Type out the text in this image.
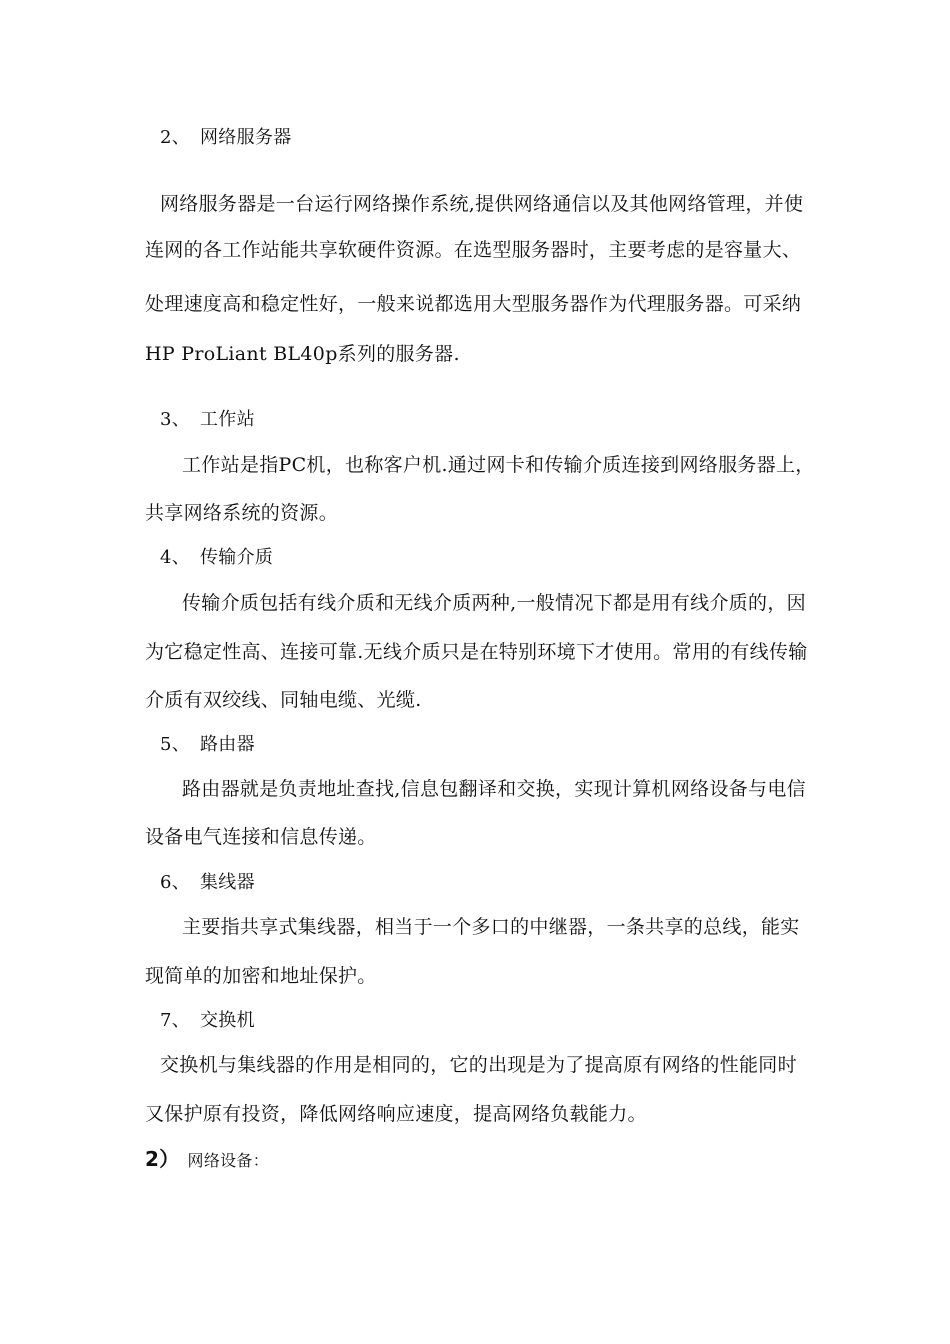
2、 网络服务器
网络服务器是一台运行网络操作系统,提供网络通信以及其他网络管理，并使
连网的各工作站能共享软硬件资源。在选型服务器时，主要考虑的是容量大、
处理速度高和稳定性好，一般来说都选用大型服务器作为代理服务器。可采纳
HP ProLiant BL40p系列的服务器.
3、 工作站
工作站是指PC机，也称客户机.通过网卡和传输介质连接到网络服务器上，
共享网络系统的资源。
4、 传输介质
传输介质包括有线介质和无线介质两种,一般情况下都是用有线介质的，因
为它稳定性高、连接可靠.无线介质只是在特别环境下才使用。常用的有线传输
介质有双绞线、同轴电缆、光缆.
5、 路由器
路由器就是负责地址查找,信息包翻译和交换，实现计算机网络设备与电信
设备电气连接和信息传递。
6、 集线器
主要指共享式集线器，相当于一个多口的中继器，一条共享的总线，能实
现简单的加密和地址保护。
7、 交换机
交换机与集线器的作用是相同的，它的出现是为了提高原有网络的性能同时
又保护原有投资，降低网络响应速度，提高网络负载能力。
2） 网络设备：
